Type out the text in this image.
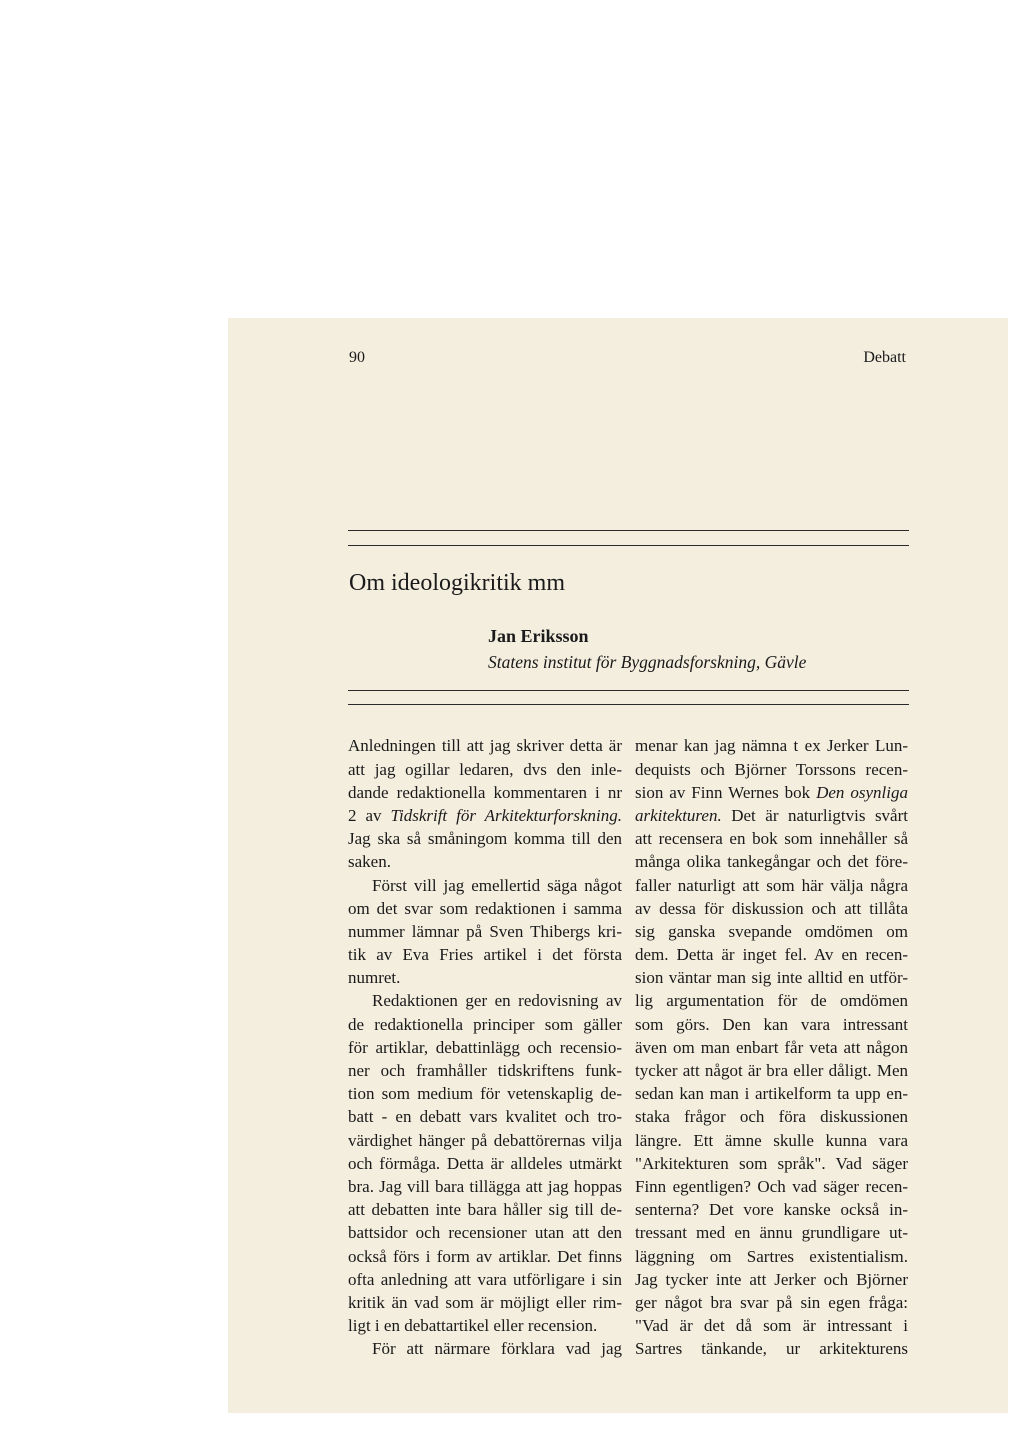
90	Debatt
Om ideologikritik mm
Jan Eriksson
Statens institut för Byggnadsforskning, Gävle
Anledningen till att jag skriver detta är
att jag ogillar ledaren, dvs den inle-
dande redaktionella kommentaren i nr
2 av Tidskrift för Arkitekturforskning.
Jag ska så småningom komma till den
saken.
Först vill jag emellertid säga något
om det svar som redaktionen i samma
nummer lämnar på Sven Thibergs kri-
tik av Eva Fries artikel i det första
numret.
Redaktionen ger en redovisning av
de redaktionella principer som gäller
för artiklar, debattinlägg och recensio-
ner och framhåller tidskriftens funk-
tion som medium för vetenskaplig de-
batt - en debatt vars kvalitet och tro-
värdighet hänger på debattörernas vilja
och förmåga. Detta är alldeles utmärkt
bra. Jag vill bara tillägga att jag hoppas
att debatten inte bara håller sig till de-
battsidor och recensioner utan att den
också förs i form av artiklar. Det finns
ofta anledning att vara utförligare i sin
kritik än vad som är möjligt eller rim-
ligt i en debattartikel eller recension.
För att närmare förklara vad jag
menar kan jag nämna t ex Jerker Lun-
dequists och Björner Torssons recen-
sion av Finn Wernes bok Den osynliga
arkitekturen. Det är naturligtvis svårt
att recensera en bok som innehåller så
många olika tankegångar och det före-
faller naturligt att som här välja några
av dessa för diskussion och att tillåta
sig ganska svepande omdömen om
dem. Detta är inget fel. Av en recen-
sion väntar man sig inte alltid en utför-
lig argumentation för de omdömen
som görs. Den kan vara intressant
även om man enbart får veta att någon
tycker att något är bra eller dåligt. Men
sedan kan man i artikelform ta upp en-
staka frågor och föra diskussionen
längre. Ett ämne skulle kunna vara
"Arkitekturen som språk". Vad säger
Finn egentligen? Och vad säger recen-
senterna? Det vore kanske också in-
tressant med en ännu grundligare ut-
läggning om Sartres existentialism.
Jag tycker inte att Jerker och Björner
ger något bra svar på sin egen fråga:
"Vad är det då som är intressant i
Sartres tänkande, ur arkitekturens
